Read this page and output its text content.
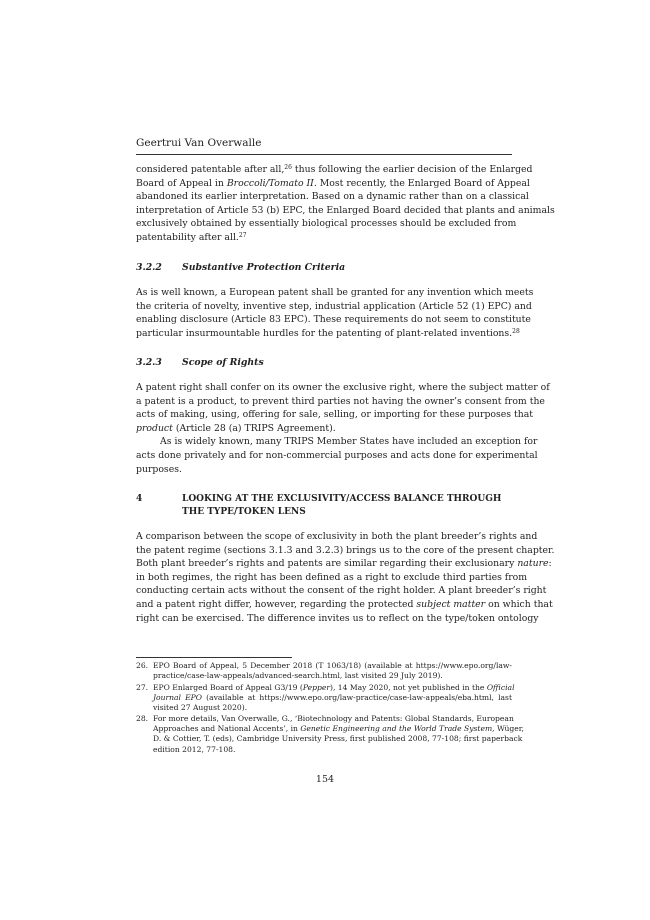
Geertrui Van Overwalle
considered patentable after all,$^{26}$ thus following the earlier decision of the Enlarged
Board of Appeal in Broccoli/Tomato II. Most recently, the Enlarged Board of Appeal
abandoned its earlier interpretation. Based on a dynamic rather than on a classical
interpretation of Article 53 (b) EPC, the Enlarged Board decided that plants and animals
exclusively obtained by essentially biological processes should be excluded from
patentability after all.$^{27}$
3.2.2 Substantive Protection Criteria
As is well known, a European patent shall be granted for any invention which meets
the criteria of novelty, inventive step, industrial application (Article 52 (1) EPC) and
enabling disclosure (Article 83 EPC). These requirements do not seem to constitute
particular insurmountable hurdles for the patenting of plant-related inventions.$^{28}$
3.2.3 Scope of Rights
A patent right shall confer on its owner the exclusive right, where the subject matter of
a patent is a product, to prevent third parties not having the owner’s consent from the
acts of making, using, offering for sale, selling, or importing for these purposes that
product (Article 28 (a) TRIPS Agreement).
As is widely known, many TRIPS Member States have included an exception for
acts done privately and for non-commercial purposes and acts done for experimental
purposes.
4	LOOKING AT THE EXCLUSIVITY/ACCESS BALANCE THROUGH
THE TYPE/TOKEN LENS
A comparison between the scope of exclusivity in both the plant breeder’s rights and
the patent regime (sections 3.1.3 and 3.2.3) brings us to the core of the present chapter.
Both plant breeder’s rights and patents are similar regarding their exclusionary nature:
in both regimes, the right has been defined as a right to exclude third parties from
conducting certain acts without the consent of the right holder. A plant breeder’s right
and a patent right differ, however, regarding the protected subject matter on which that
right can be exercised. The difference invites us to reflect on the type/token ontology
26. EPO Board of Appeal, 5 December 2018 (T 1063/18) (available at https://www.epo.org/law-
practice/case-law-appeals/advanced-search.html, last visited 29 July 2019).
27. EPO Enlarged Board of Appeal G3/19 (Pepper), 14 May 2020, not yet published in the Official
Journal EPO (available at https://www.epo.org/law-practice/case-law-appeals/eba.html, last
visited 27 August 2020).
28. For more details, Van Overwalle, G., ‘Biotechnology and Patents: Global Standards, European
Approaches and National Accents’, in Genetic Engineering and the World Trade System, Wüger,
D. & Cottier, T. (eds), Cambridge University Press, first published 2008, 77-108; first paperback
edition 2012, 77-108.
154
